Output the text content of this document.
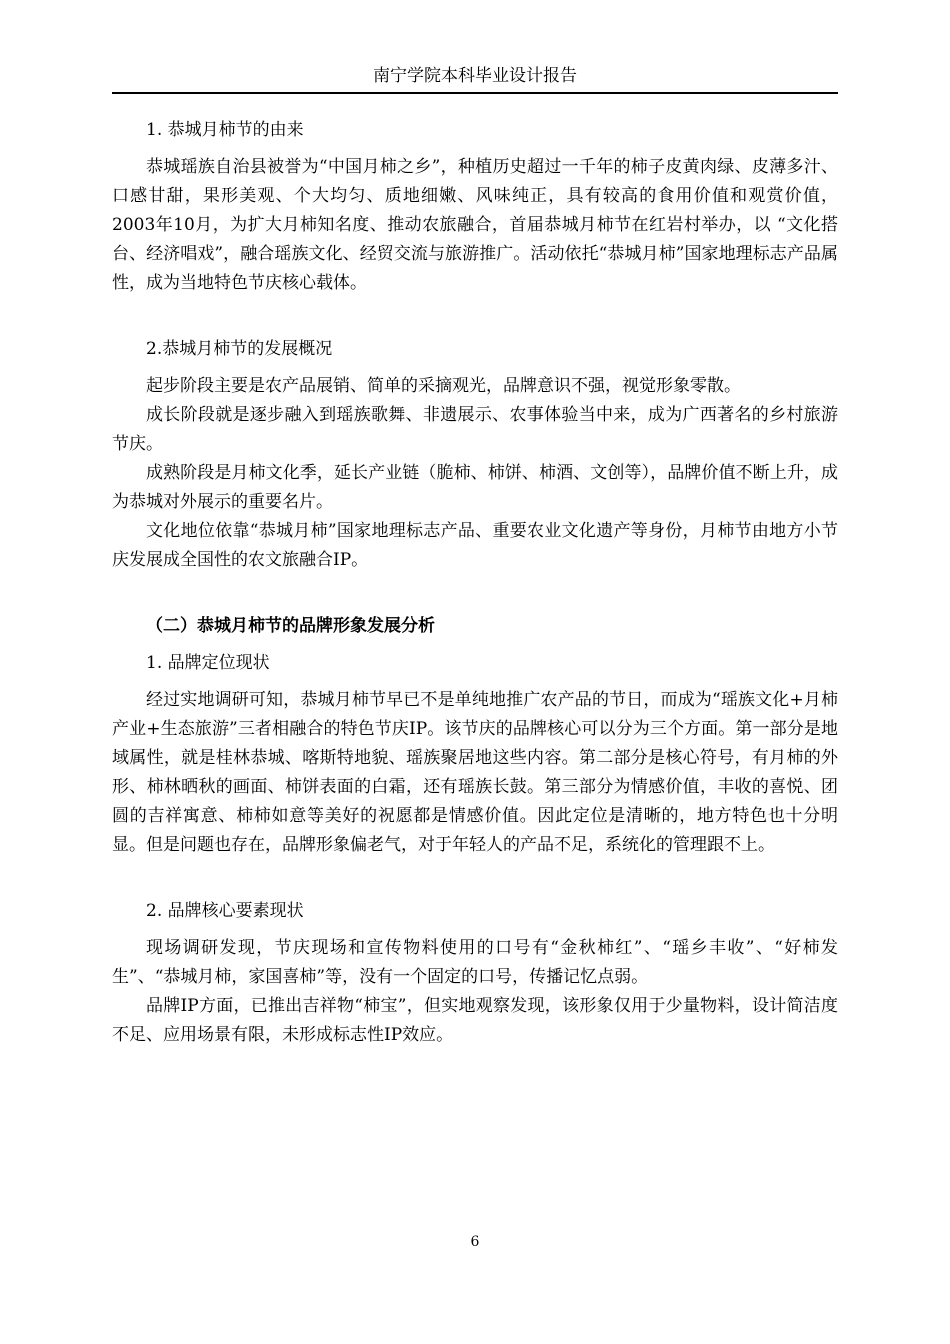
南宁学院本科毕业设计报告
1. 恭城月柿节的由来

恭城瑶族自治县被誉为“中国月柿之乡”，种植历史超过一千年的柿子皮黄肉绿、皮薄多汁、口感甘甜，果形美观、个大均匀、质地细嫩、风味纯正，具有较高的食用价值和观赏价值， 2003年10月，为扩大月柿知名度、推动农旅融合，首届恭城月柿节在红岩村举办，以 “文化搭台、经济唱戏”，融合瑶族文化、经贸交流与旅游推广。活动依托“恭城月柿”国家地理标志产品属性，成为当地特色节庆核心载体。

2.恭城月柿节的发展概况

起步阶段主要是农产品展销、简单的采摘观光，品牌意识不强，视觉形象零散。

成长阶段就是逐步融入到瑶族歌舞、非遗展示、农事体验当中来，成为广西著名的乡村旅游节庆。

成熟阶段是月柿文化季，延长产业链（脆柿、柿饼、柿酒、文创等），品牌价值不断上升，成为恭城对外展示的重要名片。

文化地位依靠“恭城月柿”国家地理标志产品、重要农业文化遗产等身份，月柿节由地方小节庆发展成全国性的农文旅融合IP。

（二）恭城月柿节的品牌形象发展分析
1. 品牌定位现状

经过实地调研可知，恭城月柿节早已不是单纯地推广农产品的节日，而成为“瑶族文化+月柿产业+生态旅游”三者相融合的特色节庆IP。该节庆的品牌核心可以分为三个方面。第一部分是地域属性，就是桂林恭城、喀斯特地貌、瑶族聚居地这些内容。第二部分是核心符号，有月柿的外形、柿林晒秋的画面、柿饼表面的白霜，还有瑶族长鼓。第三部分为情感价值，丰收的喜悦、团圆的吉祥寓意、柿柿如意等美好的祝愿都是情感价值。因此定位是清晰的，地方特色也十分明显。但是问题也存在，品牌形象偏老气，对于年轻人的产品不足，系统化的管理跟不上。

2. 品牌核心要素现状

现场调研发现，节庆现场和宣传物料使用的口号有“金秋柿红”、“瑶乡丰收”、“好柿发生”、“恭城月柿，家国喜柿”等，没有一个固定的口号，传播记忆点弱。

品牌IP方面，已推出吉祥物“柿宝”，但实地观察发现，该形象仅用于少量物料，设计简洁度不足、应用场景有限，未形成标志性IP效应。

6
